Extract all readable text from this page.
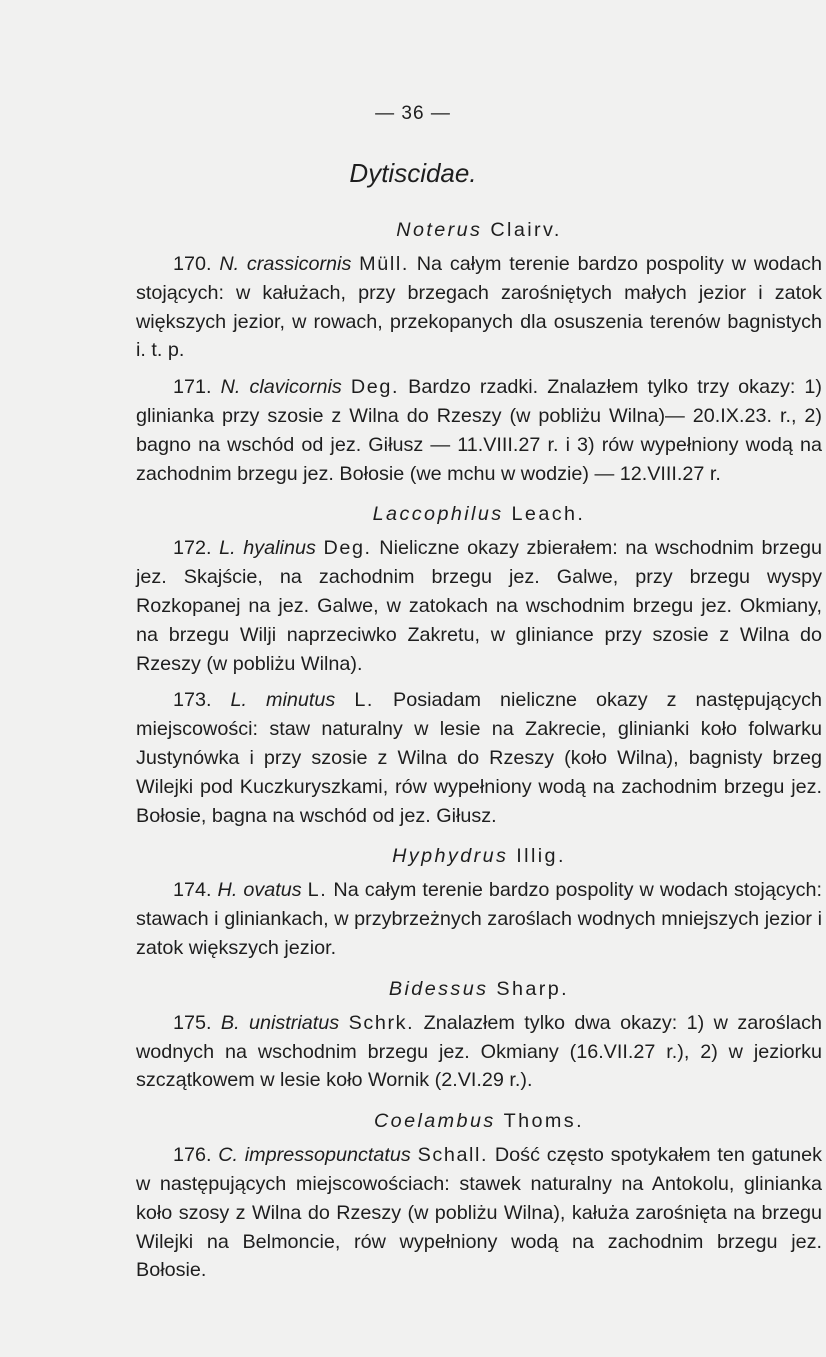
— 36 —
Dytiscidae.
Noterus Clairv.

170. N. crassicornis Müll. Na całym terenie bardzo pospolity w wodach stojących: w kałużach, przy brzegach zarośniętych małych jezior i zatok większych jezior, w rowach, przekopanych dla osuszenia terenów bagnistych i. t. p.

171. N. clavicornis Deg. Bardzo rzadki. Znalazłem tylko trzy okazy: 1) glinianka przy szosie z Wilna do Rzeszy (w pobliżu Wilna)— 20.IX.23. r., 2) bagno na wschód od jez. Giłusz — 11.VIII.27 r. i 3) rów wypełniony wodą na zachodnim brzegu jez. Bołosie (we mchu w wodzie) — 12.VIII.27 r.

Laccophilus Leach.

172. L. hyalinus Deg. Nieliczne okazy zbierałem: na wschodnim brzegu jez. Skajście, na zachodnim brzegu jez. Galwe, przy brzegu wyspy Rozkopanej na jez. Galwe, w zatokach na wschodnim brzegu jez. Okmiany, na brzegu Wilji naprzeciwko Zakretu, w gliniance przy szosie z Wilna do Rzeszy (w pobliżu Wilna).

173. L. minutus L. Posiadam nieliczne okazy z następujących miejscowości: staw naturalny w lesie na Zakrecie, glinianki koło folwarku Justynówka i przy szosie z Wilna do Rzeszy (koło Wilna), bagnisty brzeg Wilejki pod Kuczkuryszkami, rów wypełniony wodą na zachodnim brzegu jez. Bołosie, bagna na wschód od jez. Giłusz.

Hyphydrus Illig.

174. H. ovatus L. Na całym terenie bardzo pospolity w wodach stojących: stawach i gliniankach, w przybrzeżnych zaroślach wodnych mniejszych jezior i zatok większych jezior.

Bidessus Sharp.

175. B. unistriatus Schrk. Znalazłem tylko dwa okazy: 1) w zaroślach wodnych na wschodnim brzegu jez. Okmiany (16.VII.27 r.), 2) w jeziorku szczątkowem w lesie koło Wornik (2.VI.29 r.).

Coelambus Thoms.

176. C. impressopunctatus Schall. Dość często spotykałem ten gatunek w następujących miejscowościach: stawek naturalny na Antokolu, glinianka koło szosy z Wilna do Rzeszy (w pobliżu Wilna), kałuża zarośnięta na brzegu Wilejki na Belmoncie, rów wypełniony wodą na zachodnim brzegu jez. Bołosie.
